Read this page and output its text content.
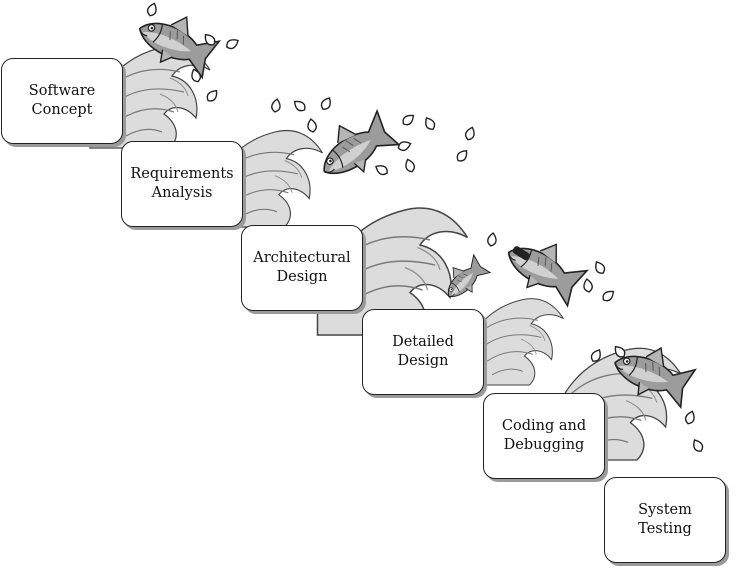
Software
Concept
Requirements
Analysis
Architectural
Design
Detailed
Design
Coding and
Debugging
System
Testing
